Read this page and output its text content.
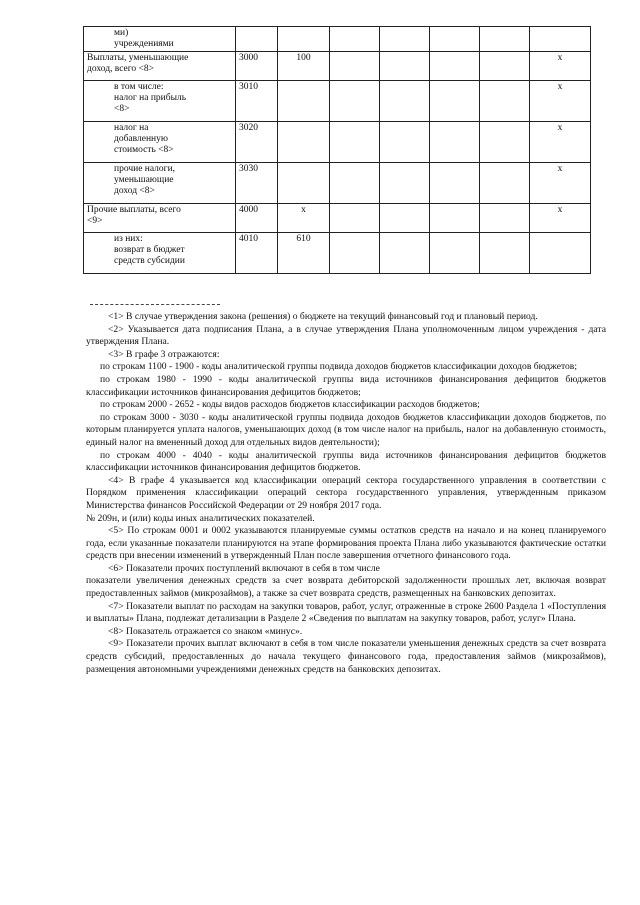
ми)
учреждениями							
Выплаты, уменьшающие
доход, всего <8>	3000	100					x
в том числе:
налог на прибыль
<8>	3010						x
налог на
добавленную
стоимость <8>	3020						x
прочие налоги,
уменьшающие
доход <8>	3030						x
Прочие выплаты, всего
<9>	4000	x					x
из них:
возврат в бюджет
средств субсидии	4010	610					

<1> В случае утверждения закона (решения) о бюджете на текущий финансовый год и плановый период.

<2> Указывается дата подписания Плана, а в случае утверждения Плана уполномоченным лицом учреждения - дата утверждения Плана.

<3> В графе 3 отражаются:

по строкам 1100 - 1900 - коды аналитической группы подвида доходов бюджетов классификации доходов бюджетов;

по строкам 1980 - 1990 - коды аналитической группы вида источников финансирования дефицитов бюджетов классификации источников финансирования дефицитов бюджетов;

по строкам 2000 - 2652 - коды видов расходов бюджетов классификации расходов бюджетов;

по строкам 3000 - 3030 - коды аналитической группы подвида доходов бюджетов классификации доходов бюджетов, по которым планируется уплата налогов, уменьшающих доход (в том числе налог на прибыль, налог на добавленную стоимость, единый налог на вмененный доход для отдельных видов деятельности);

по строкам 4000 - 4040 - коды аналитической группы вида источников финансирования дефицитов бюджетов классификации источников финансирования дефицитов бюджетов.

<4> В графе 4 указывается код классификации операций сектора государственного управления в соответствии с Порядком применения классификации операций сектора государственного управления, утвержденным приказом Министерства финансов Российской Федерации от 29 ноября 2017 года.

№ 209н, и (или) коды иных аналитических показателей.

<5> По строкам 0001 и 0002 указываются планируемые суммы остатков средств на начало и на конец планируемого года, если указанные показатели планируются на этапе формирования проекта Плана либо указываются фактические остатки средств при внесении изменений в утвержденный План после завершения отчетного финансового года.

<6> Показатели прочих поступлений включают в себя в том числе

показатели увеличения денежных средств за счет возврата дебиторской задолженности прошлых лет, включая возврат предоставленных займов (микрозаймов), а также за счет возврата средств, размещенных на банковских депозитах.

<7> Показатели выплат по расходам на закупки товаров, работ, услуг, отраженные в строке 2600 Раздела 1 «Поступления и выплаты» Плана, подлежат детализации в Разделе 2 «Сведения по выплатам на закупку товаров, работ, услуг» Плана.

<8> Показатель отражается со знаком «минус».

<9> Показатели прочих выплат включают в себя в том числе показатели уменьшения денежных средств за счет возврата средств субсидий, предоставленных до начала текущего финансового года, предоставления займов (микрозаймов), размещения автономными учреждениями денежных средств на банковских депозитах.
